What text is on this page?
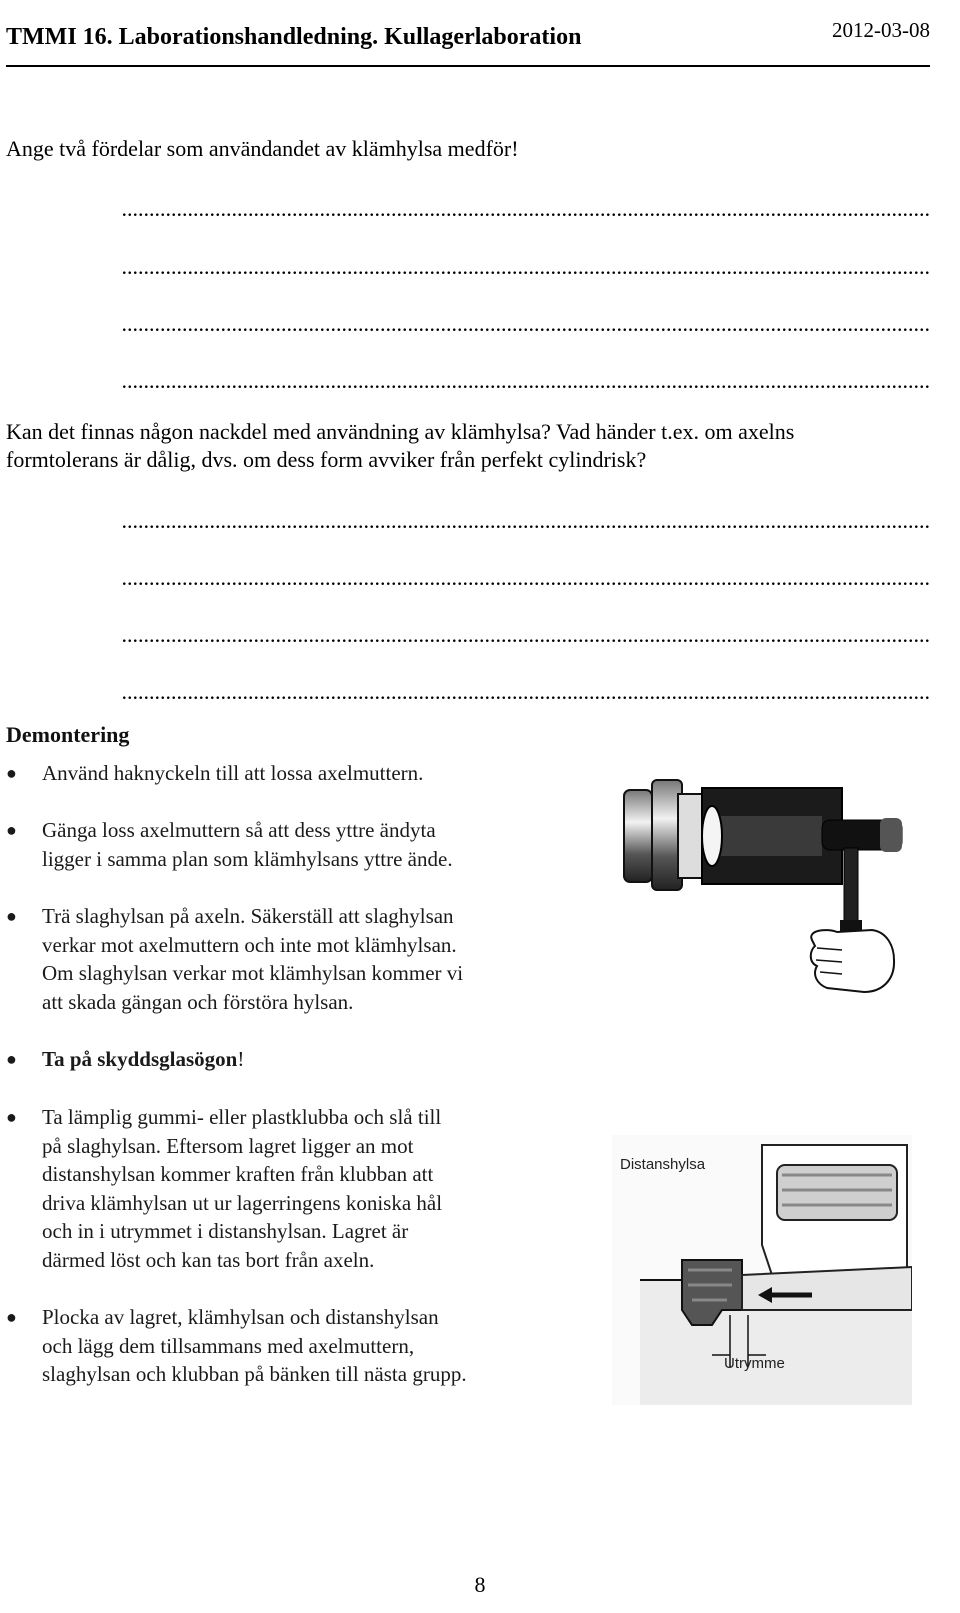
TMMI 16. Laborationshandledning. Kullagerlaboration	2012-03-08
Ange två fördelar som användandet av klämhylsa medför!
...................................................................................................................................................
...................................................................................................................................................
...................................................................................................................................................
...................................................................................................................................................
Kan det finnas någon nackdel med användning av klämhylsa? Vad händer t.ex. om axelns
formtolerans är dålig, dvs. om dess form avviker från perfekt cylindrisk?
...................................................................................................................................................
...................................................................................................................................................
...................................................................................................................................................
...................................................................................................................................................
Demontering
● Använd haknyckeln till att lossa axelmuttern.
● Gänga loss axelmuttern så att dess yttre ändyta
ligger i samma plan som klämhylsans yttre ände.
● Trä slaghylsan på axeln. Säkerställ att slaghylsan
verkar mot axelmuttern och inte mot klämhylsan.
Om slaghylsan verkar mot klämhylsan kommer vi
att skada gängan och förstöra hylsan.
● Ta på skyddsglasögon!
● Ta lämplig gummi- eller plastklubba och slå till
på slaghylsan. Eftersom lagret ligger an mot
distanshylsan kommer kraften från klubban att
driva klämhylsan ut ur lagerringens koniska hål
och in i utrymmet i distanshylsan. Lagret är
därmed löst och kan tas bort från axeln.
● Plocka av lagret, klämhylsan och distanshylsan
och lägg dem tillsammans med axelmuttern,
slaghylsan och klubban på bänken till nästa grupp.
Distanshylsa
Utrymme
8
